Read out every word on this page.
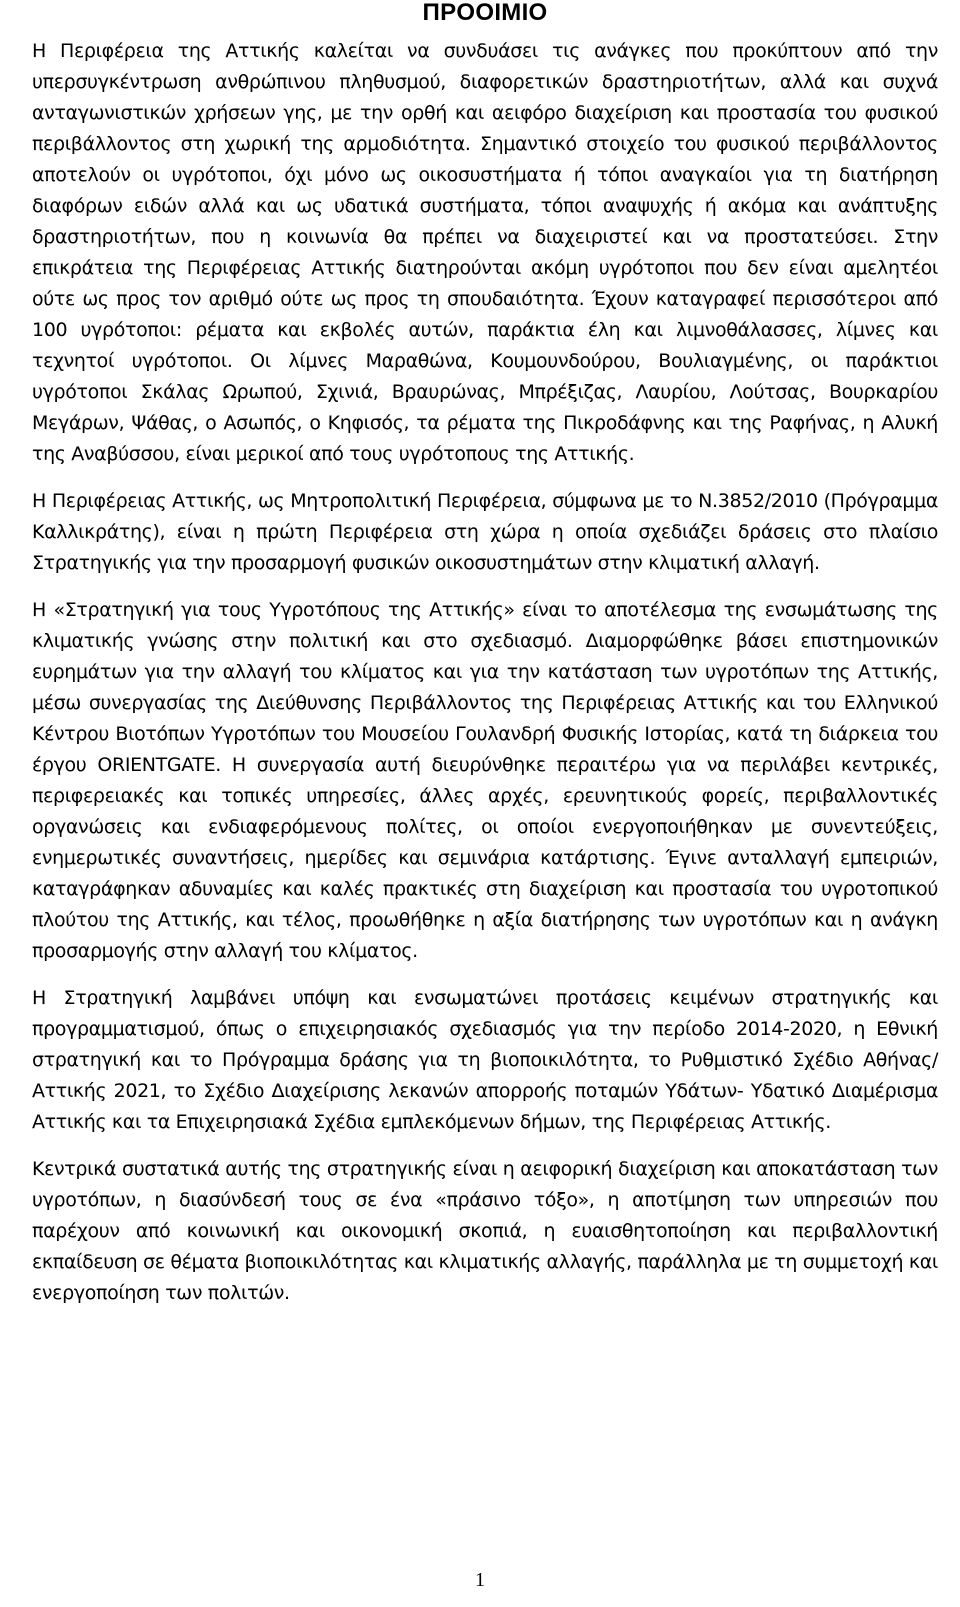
ΠΡΟΟΙΜΙΟ

Η Περιφέρεια της Αττικής καλείται να συνδυάσει τις ανάγκες που προκύπτουν από την υπερσυγκέντρωση ανθρώπινου πληθυσμού, διαφορετικών δραστηριοτήτων, αλλά και συχνά ανταγωνιστικών χρήσεων γης, με την ορθή και αειφόρο διαχείριση και προστασία του φυσικού περιβάλλοντος στη χωρική της αρμοδιότητα. Σημαντικό στοιχείο του φυσικού περιβάλλοντος αποτελούν οι υγρότοποι, όχι μόνο ως οικοσυστήματα ή τόποι αναγκαίοι για τη διατήρηση διαφόρων ειδών αλλά και ως υδατικά συστήματα, τόποι αναψυχής ή ακόμα και ανάπτυξης δραστηριοτήτων, που η κοινωνία θα πρέπει να διαχειριστεί και να προστατεύσει. Στην επικράτεια της Περιφέρειας Αττικής διατηρούνται ακόμη υγρότοποι που δεν είναι αμελητέοι ούτε ως προς τον αριθμό ούτε ως προς τη σπουδαιότητα. Έχουν καταγραφεί περισσότεροι από 100 υγρότοποι: ρέματα και εκβολές αυτών, παράκτια έλη και λιμνοθάλασσες, λίμνες και τεχνητοί υγρότοποι. Οι λίμνες Μαραθώνα, Κουμουνδούρου, Βουλιαγμένης, οι παράκτιοι υγρότοποι Σκάλας Ωρωπού, Σχινιά, Βραυρώνας, Μπρέξιζας, Λαυρίου, Λούτσας, Βουρκαρίου Μεγάρων, Ψάθας, ο Ασωπός, ο Κηφισός, τα ρέματα της Πικροδάφνης και της Ραφήνας, η Αλυκή της Αναβύσσου, είναι μερικοί από τους υγρότοπους της Αττικής.

Η Περιφέρειας Αττικής, ως Μητροπολιτική Περιφέρεια, σύμφωνα με το Ν.3852/2010 (Πρόγραμμα Καλλικράτης), είναι η πρώτη Περιφέρεια στη χώρα η οποία σχεδιάζει δράσεις στο πλαίσιο Στρατηγικής για την προσαρμογή φυσικών οικοσυστημάτων στην κλιματική αλλαγή.

Η «Στρατηγική για τους Υγροτόπους της Αττικής» είναι το αποτέλεσμα της ενσωμάτωσης της κλιματικής γνώσης στην πολιτική και στο σχεδιασμό. Διαμορφώθηκε βάσει επιστημονικών ευρημάτων για την αλλαγή του κλίματος και για την κατάσταση των υγροτόπων της Αττικής, μέσω συνεργασίας της Διεύθυνσης Περιβάλλοντος της Περιφέρειας Αττικής και του Ελληνικού Κέντρου Βιοτόπων Υγροτόπων του Μουσείου Γουλανδρή Φυσικής Ιστορίας, κατά τη διάρκεια του έργου ORIENTGATE. Η συνεργασία αυτή διευρύνθηκε περαιτέρω για να περιλάβει κεντρικές, περιφερειακές και τοπικές υπηρεσίες, άλλες αρχές, ερευνητικούς φορείς, περιβαλλοντικές οργανώσεις και ενδιαφερόμενους πολίτες, οι οποίοι ενεργοποιήθηκαν με συνεντεύξεις, ενημερωτικές συναντήσεις, ημερίδες και σεμινάρια κατάρτισης. Έγινε ανταλλαγή εμπειριών, καταγράφηκαν αδυναμίες και καλές πρακτικές στη διαχείριση και προστασία του υγροτοπικού πλούτου της Αττικής, και τέλος, προωθήθηκε η αξία διατήρησης των υγροτόπων και η ανάγκη προσαρμογής στην αλλαγή του κλίματος.

Η Στρατηγική λαμβάνει υπόψη και ενσωματώνει προτάσεις κειμένων στρατηγικής και προγραμματισμού, όπως ο επιχειρησιακός σχεδιασμός για την περίοδο 2014-2020, η Εθνική στρατηγική και το Πρόγραμμα δράσης για τη βιοποικιλότητα, το Ρυθμιστικό Σχέδιο Αθήνας/Αττικής 2021, το Σχέδιο Διαχείρισης λεκανών απορροής ποταμών Υδάτων- Υδατικό Διαμέρισμα Αττικής και τα Επιχειρησιακά Σχέδια εμπλεκόμενων δήμων, της Περιφέρειας Αττικής.

Κεντρικά συστατικά αυτής της στρατηγικής είναι η αειφορική διαχείριση και αποκατάσταση των υγροτόπων, η διασύνδεσή τους σε ένα «πράσινο τόξο», η αποτίμηση των υπηρεσιών που παρέχουν από κοινωνική και οικονομική σκοπιά, η ευαισθητοποίηση και περιβαλλοντική εκπαίδευση σε θέματα βιοποικιλότητας και κλιματικής αλλαγής, παράλληλα με τη συμμετοχή και ενεργοποίηση των πολιτών.

1
